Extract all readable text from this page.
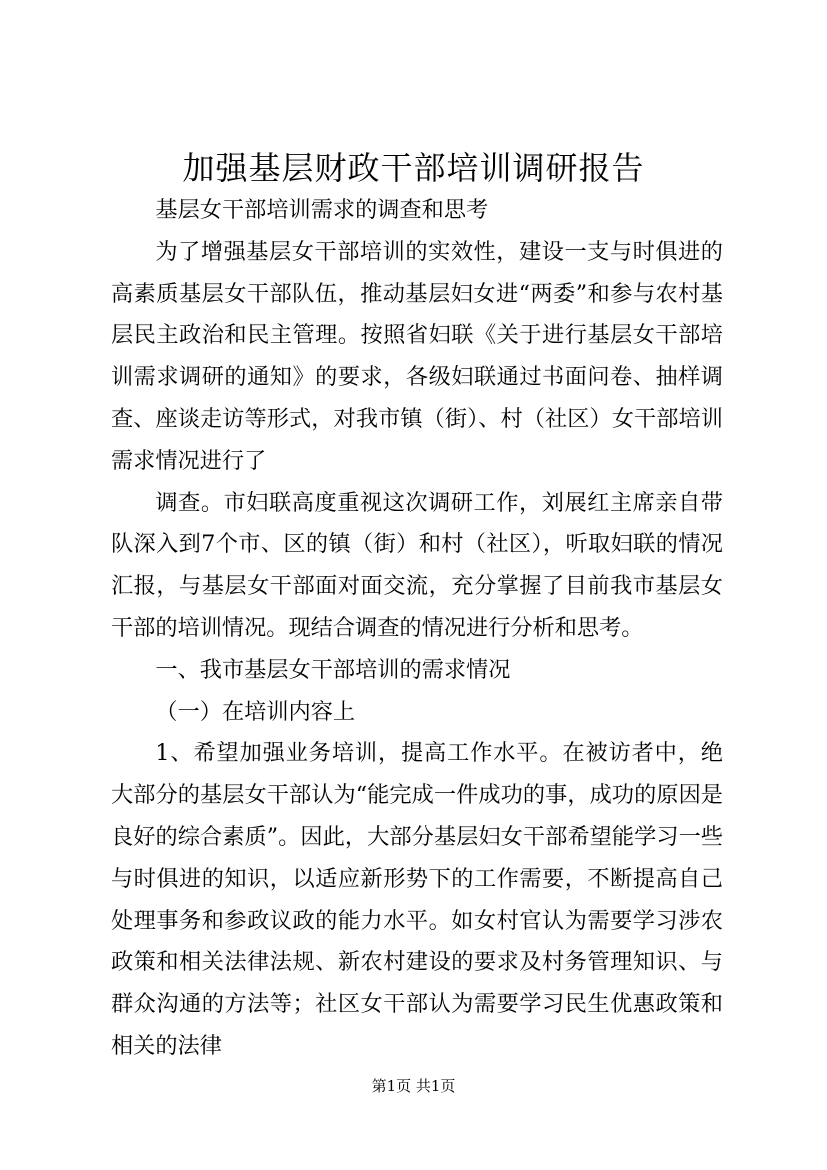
加强基层财政干部培训调研报告

基层女干部培训需求的调查和思考

为了增强基层女干部培训的实效性，建设一支与时俱进的高素质基层女干部队伍，推动基层妇女进“两委”和参与农村基层民主政治和民主管理。按照省妇联《关于进行基层女干部培训需求调研的通知》的要求，各级妇联通过书面问卷、抽样调查、座谈走访等形式，对我市镇（街）、村（社区）女干部培训需求情况进行了

调查。市妇联高度重视这次调研工作，刘展红主席亲自带队深入到7个市、区的镇（街）和村（社区），听取妇联的情况汇报，与基层女干部面对面交流，充分掌握了目前我市基层女干部的培训情况。现结合调查的情况进行分析和思考。

一、我市基层女干部培训的需求情况

（一）在培训内容上

1、希望加强业务培训，提高工作水平。在被访者中，绝大部分的基层女干部认为“能完成一件成功的事，成功的原因是良好的综合素质”。因此，大部分基层妇女干部希望能学习一些与时俱进的知识，以适应新形势下的工作需要，不断提高自己处理事务和参政议政的能力水平。如女村官认为需要学习涉农政策和相关法律法规、新农村建设的要求及村务管理知识、与群众沟通的方法等；社区女干部认为需要学习民生优惠政策和相关的法律

第1页 共1页
